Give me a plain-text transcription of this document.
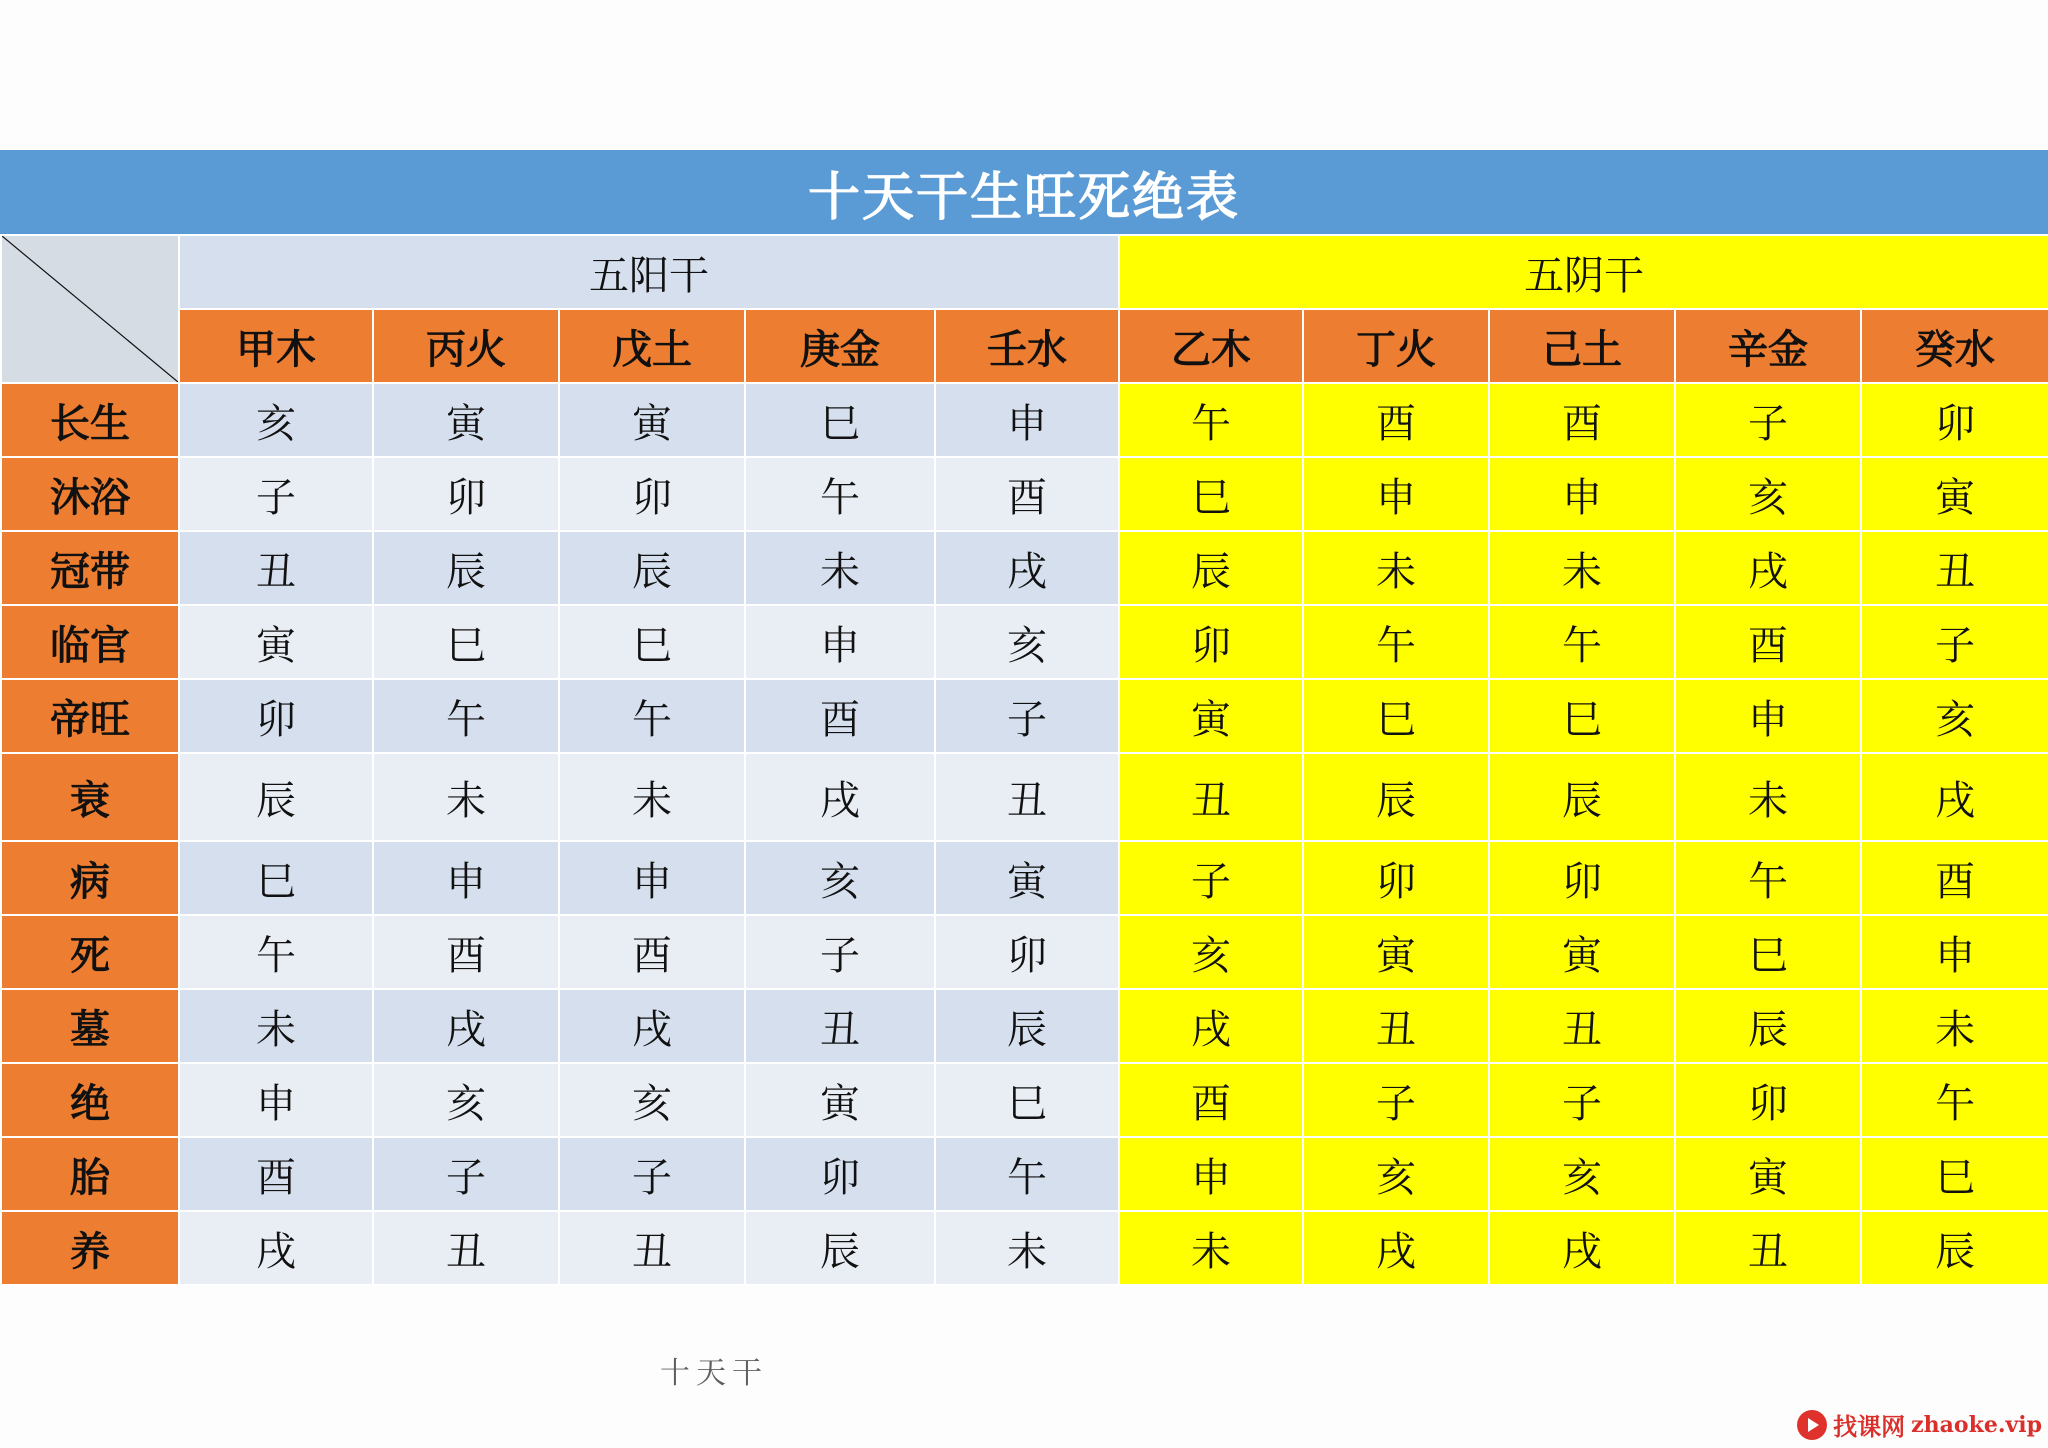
十天干生旺死绝表
	五阳干					五阴干				
	甲木	丙火	戊土	庚金	壬水	乙木	丁火	己土	辛金	癸水
长生	亥	寅	寅	巳	申	午	酉	酉	子	卯
沐浴	子	卯	卯	午	酉	巳	申	申	亥	寅
冠带	丑	辰	辰	未	戌	辰	未	未	戌	丑
临官	寅	巳	巳	申	亥	卯	午	午	酉	子
帝旺	卯	午	午	酉	子	寅	巳	巳	申	亥
衰	辰	未	未	戌	丑	丑	辰	辰	未	戌
病	巳	申	申	亥	寅	子	卯	卯	午	酉
死	午	酉	酉	子	卯	亥	寅	寅	巳	申
墓	未	戌	戌	丑	辰	戌	丑	丑	辰	未
绝	申	亥	亥	寅	巳	酉	子	子	卯	午
胎	酉	子	子	卯	午	申	亥	亥	寅	巳
养	戌	丑	丑	辰	未	未	戌	戌	丑	辰
十天干
找课网 zhaoke.vip
